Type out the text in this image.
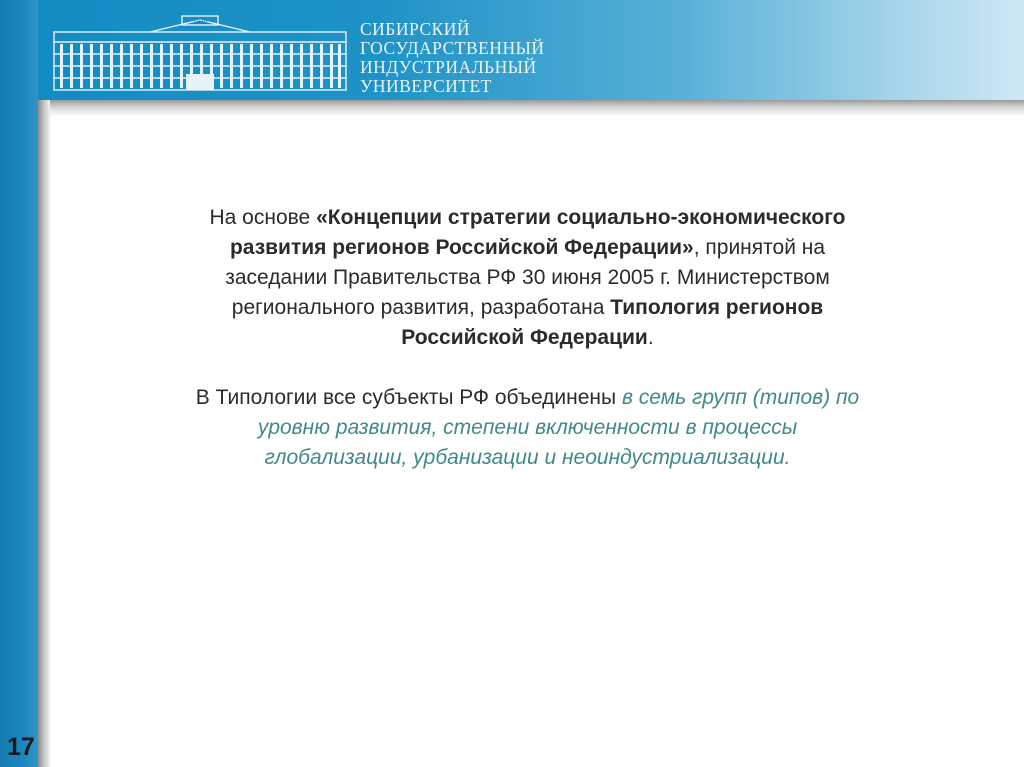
1930	СИБИРСКИЙ
ГОСУДАРСТВЕННЫЙ
ИНДУСТРИАЛЬНЫЙ
УНИВЕРСИТЕТ

На основе «Концепции стратегии социально-экономического развития регионов Российской Федерации», принятой на заседании Правительства РФ 30 июня 2005 г. Министерством регионального развития, разработана Типология регионов Российской Федерации.

В Типологии все субъекты РФ объединены в семь групп (типов) по уровню развития, степени включенности в процессы глобализации, урбанизации и неоиндустриализации.

17
